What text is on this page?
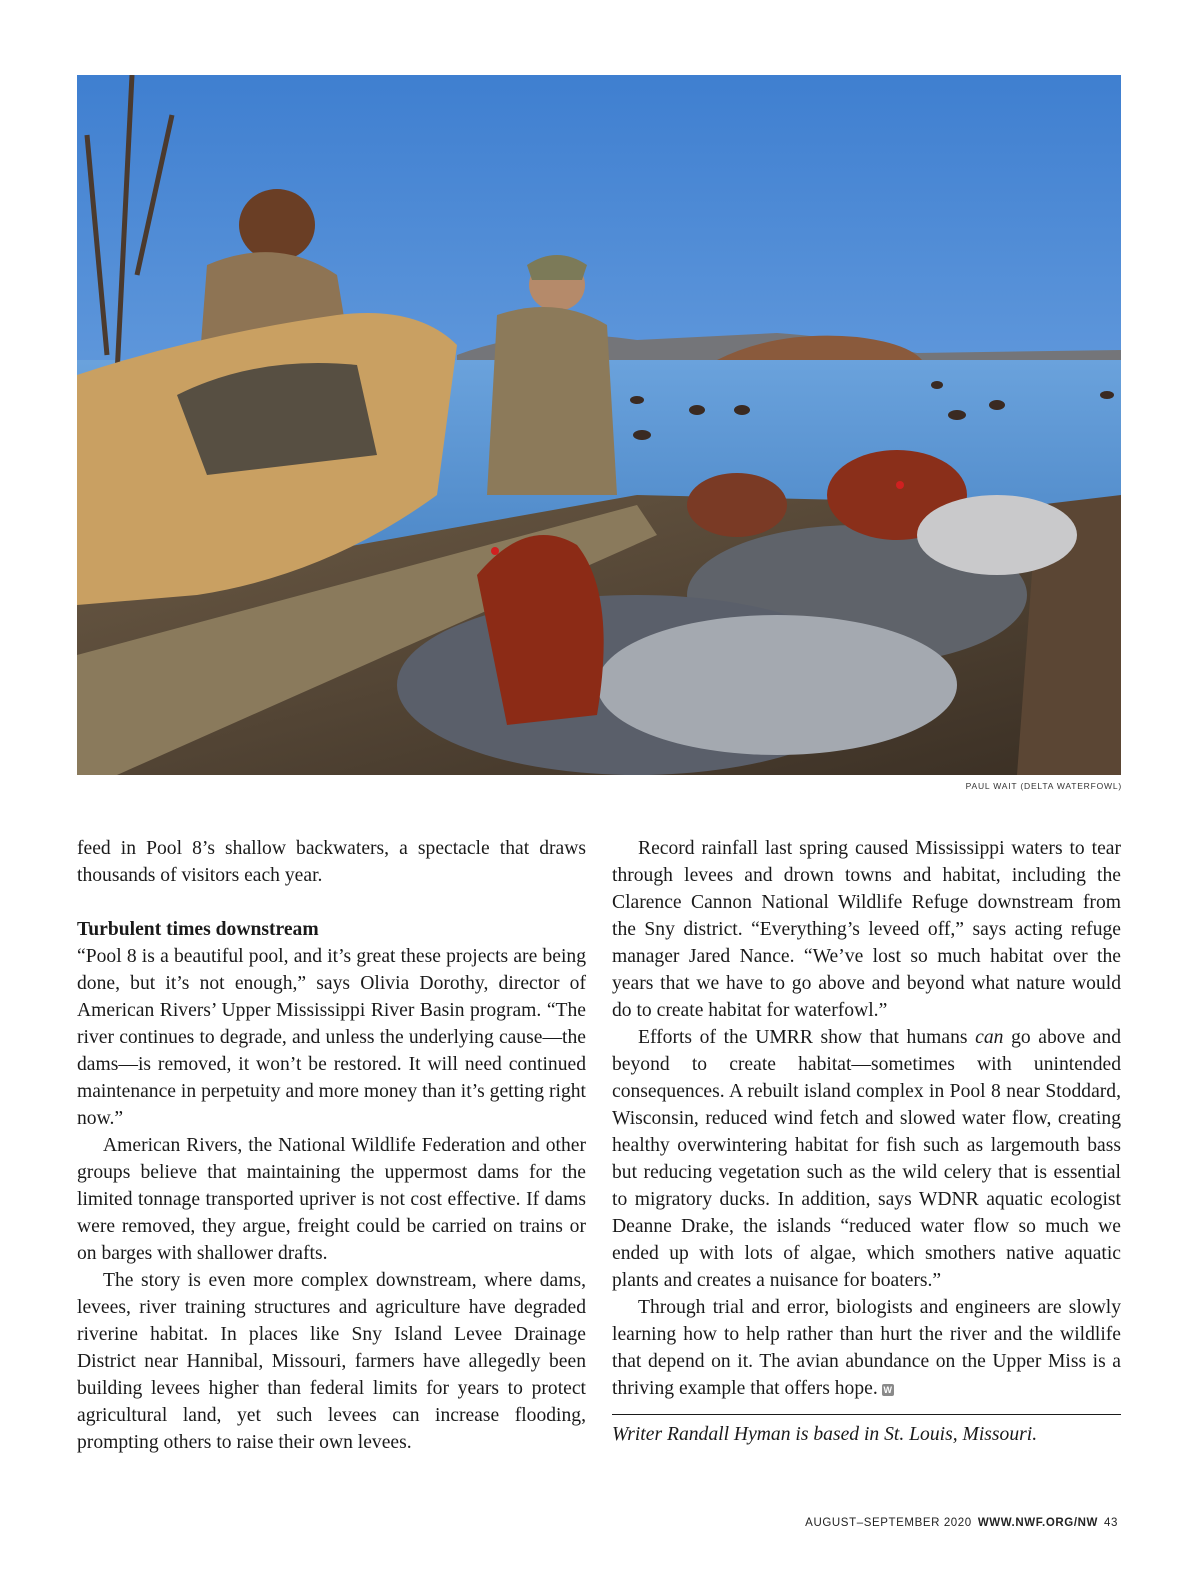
PAUL WAIT (DELTA WATERFOWL)

feed in Pool 8’s shallow backwaters, a spectacle that draws thousands of visitors each year.

Turbulent times downstream

“Pool 8 is a beautiful pool, and it’s great these projects are being done, but it’s not enough,” says Olivia Dorothy, director of American Rivers’ Upper Mississippi River Basin program. “The river continues to degrade, and unless the underlying cause—the dams—is removed, it won’t be restored. It will need continued maintenance in perpetuity and more money than it’s getting right now.”

American Rivers, the National Wildlife Federation and other groups believe that maintaining the uppermost dams for the limited tonnage transported upriver is not cost effective. If dams were removed, they argue, freight could be carried on trains or on barges with shallower drafts.

The story is even more complex downstream, where dams, levees, river training structures and agriculture have degraded riverine habitat. In places like Sny Island Levee Drainage District near Hannibal, Missouri, farmers have allegedly been building levees higher than federal limits for years to protect agricultural land, yet such levees can increase flooding, prompting others to raise their own levees.

Record rainfall last spring caused Mississippi waters to tear through levees and drown towns and habitat, including the Clarence Cannon National Wildlife Refuge downstream from the Sny district. “Everything’s leveed off,” says acting refuge manager Jared Nance. “We’ve lost so much habitat over the years that we have to go above and beyond what nature would do to create habitat for waterfowl.”

Efforts of the UMRR show that humans can go above and beyond to create habitat—sometimes with unintended consequences. A rebuilt island complex in Pool 8 near Stoddard, Wisconsin, reduced wind fetch and slowed water flow, creating healthy overwintering habitat for fish such as largemouth bass but reducing vegetation such as the wild celery that is essential to migratory ducks. In addition, says WDNR aquatic ecologist Deanne Drake, the islands “reduced water flow so much we ended up with lots of algae, which smothers native aquatic plants and creates a nuisance for boaters.”

Through trial and error, biologists and engineers are slowly learning how to help rather than hurt the river and the wildlife that depend on it. The avian abundance on the Upper Miss is a thriving example that offers hope. W

Writer Randall Hyman is based in St. Louis, Missouri.
AUGUST–SEPTEMBER 2020 WWW.NWF.ORG/NW 43
